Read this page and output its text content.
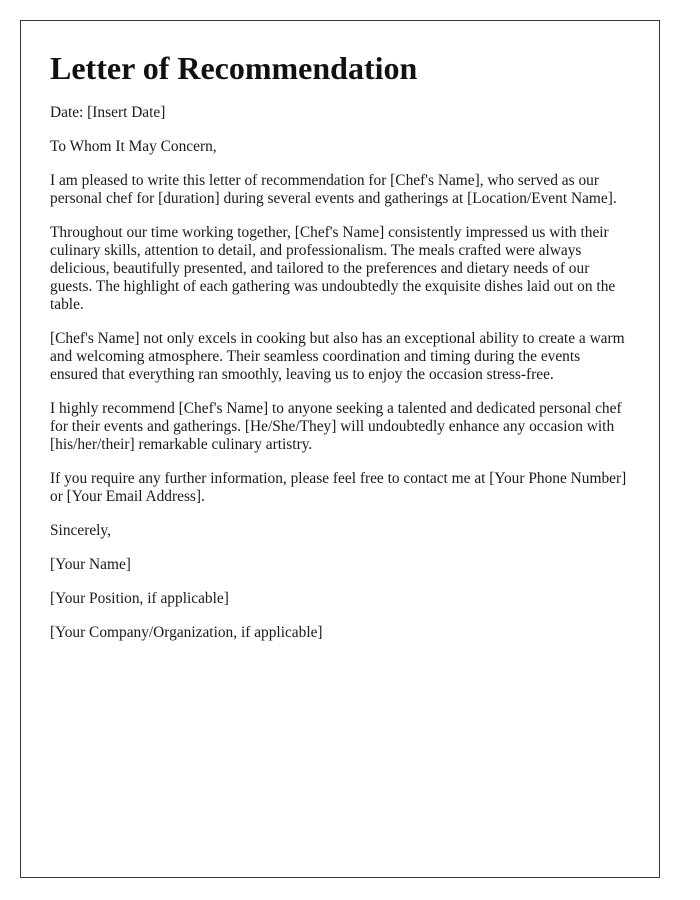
Letter of Recommendation

Date: [Insert Date]

To Whom It May Concern,

I am pleased to write this letter of recommendation for [Chef's Name], who served as our personal chef for [duration] during several events and gatherings at [Location/Event Name].

Throughout our time working together, [Chef's Name] consistently impressed us with their culinary skills, attention to detail, and professionalism. The meals crafted were always delicious, beautifully presented, and tailored to the preferences and dietary needs of our guests. The highlight of each gathering was undoubtedly the exquisite dishes laid out on the table.

[Chef's Name] not only excels in cooking but also has an exceptional ability to create a warm and welcoming atmosphere. Their seamless coordination and timing during the events ensured that everything ran smoothly, leaving us to enjoy the occasion stress-free.

I highly recommend [Chef's Name] to anyone seeking a talented and dedicated personal chef for their events and gatherings. [He/She/They] will undoubtedly enhance any occasion with [his/her/their] remarkable culinary artistry.

If you require any further information, please feel free to contact me at [Your Phone Number] or [Your Email Address].

Sincerely,

[Your Name]

[Your Position, if applicable]

[Your Company/Organization, if applicable]
